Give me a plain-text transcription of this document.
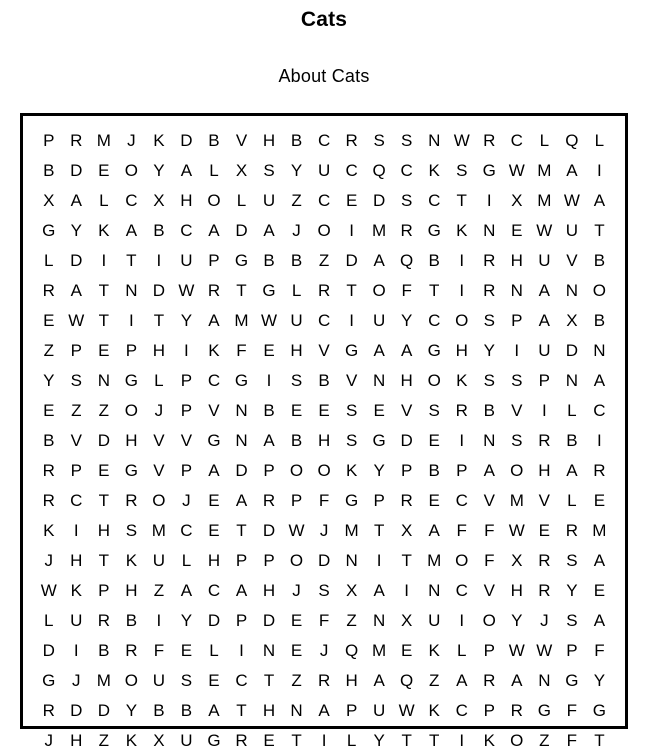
Cats
About Cats
P R M J	K D B V H B C R S S N W R C L Q L
B D E O Y A	L	X S Y U C Q C K S G W M A	I
X A	L C X H O L U Z C E D S C T	I	X M W A
G Y K A B C A D A	J O	I	M R G K N E W U T
L D	I	T	I	U P G B B Z D A Q B	I	R H U V B
R A T N D W R T G L R T O F	T	I	R N A N O
E W T	I	T Y A M W U C	I	U Y C O S P A X B
Z P E P H	I	K F E H V G A A G H Y	I	U D N
Y S N G L	P C G	I	S B V N H O K S S P N A
E Z	Z O J	P V N B E E S E V S R B V	I	L C
B V D H V V G N A B H S G D E	I	N S R B	I
R P E G V P A D P O O K Y P B P A O H A R
R C T R O J	E A R P F G P R E C V M V	L	E
K	I	H S M C E T D W J M T X A F	F W E R M
J	H T K U L H P P O D N	I	T M O F X R S A
W K P H Z A C A H	J	S X A	I	N C V H R Y E
L U R B	I	Y D P D E F	Z N X U	I	O Y	J	S A
D	I	B R F E	L	I	N E	J Q M E K	L	P W W P F
G J M O U S E C T	Z R H A Q Z A R A N G Y
R D D Y B B A T H N A P U W K C P R G F G
J	H Z K X U G R E T	I	L	Y T	T	I	K O Z	F	T
